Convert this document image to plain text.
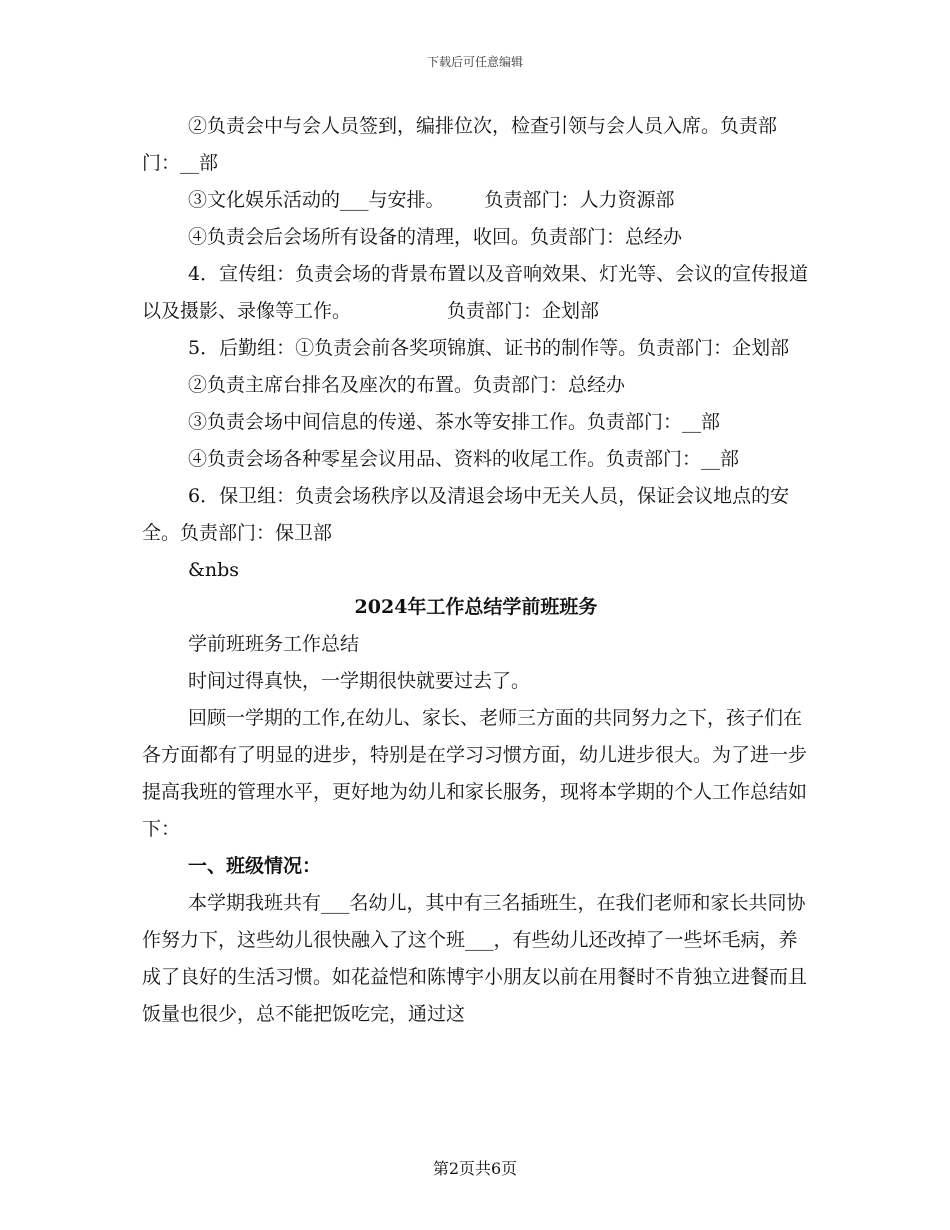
下载后可任意编辑

②负责会中与会人员签到，编排位次，检查引领与会人员入席。负责部门：__部

③文化娱乐活动的___与安排。 负责部门：人力资源部

④负责会后会场所有设备的清理，收回。负责部门：总经办

4．宣传组：负责会场的背景布置以及音响效果、灯光等、会议的宣传报道以及摄影、录像等工作。	负责部门：企划部

5．后勤组：①负责会前各奖项锦旗、证书的制作等。负责部门：企划部

②负责主席台排名及座次的布置。负责部门：总经办

③负责会场中间信息的传递、茶水等安排工作。负责部门：__部

④负责会场各种零星会议用品、资料的收尾工作。负责部门：__部

6．保卫组：负责会场秩序以及清退会场中无关人员，保证会议地点的安全。负责部门：保卫部

&nbs

2024年工作总结学前班班务

学前班班务工作总结

时间过得真快，一学期很快就要过去了。

回顾一学期的工作,在幼儿、家长、老师三方面的共同努力之下，孩子们在各方面都有了明显的进步，特别是在学习习惯方面，幼儿进步很大。为了进一步提高我班的管理水平，更好地为幼儿和家长服务，现将本学期的个人工作总结如下：

一、班级情况：

本学期我班共有___名幼儿，其中有三名插班生，在我们老师和家长共同协作努力下，这些幼儿很快融入了这个班___，有些幼儿还改掉了一些坏毛病，养成了良好的生活习惯。如花益恺和陈博宇小朋友以前在用餐时不肯独立进餐而且饭量也很少，总不能把饭吃完，通过这

第2页共6页
